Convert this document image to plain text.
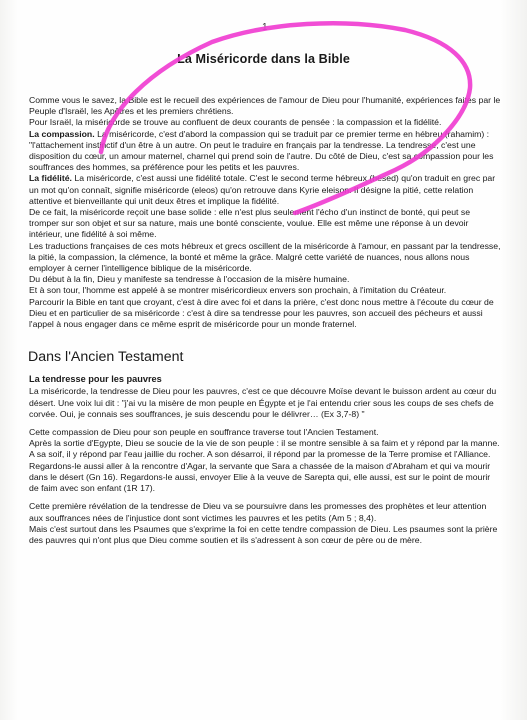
1
La Miséricorde dans la Bible

Comme vous le savez, la Bible est le recueil des expériences de l'amour de Dieu pour l'humanité, expériences faites par le Peuple d'Israël, les Apôtres et les premiers chrétiens.

Pour Israël, la miséricorde se trouve au confluent de deux courants de pensée : la compassion et la fidélité.

La compassion. La miséricorde, c'est d'abord la compassion qui se traduit par ce premier terme en hébreu (rahamim) : "l'attachement instinctif d'un être à un autre. On peut le traduire en français par la tendresse. La tendresse, c'est une disposition du cœur, un amour maternel, charnel qui prend soin de l'autre. Du côté de Dieu, c'est sa compassion pour les souffrances des hommes, sa préférence pour les petits et les pauvres.

La fidélité. La miséricorde, c'est aussi une fidélité totale. C'est le second terme hébreux (hesed) qu'on traduit en grec par un mot qu'on connaît, signifie miséricorde (eleos) qu'on retrouve dans Kyrie eleison. Il désigne la pitié, cette relation attentive et bienveillante qui unit deux êtres et implique la fidélité.

De ce fait, la miséricorde reçoit une base solide : elle n'est plus seulement l'écho d'un instinct de bonté, qui peut se tromper sur son objet et sur sa nature, mais une bonté consciente, voulue. Elle est même une réponse à un devoir intérieur, une fidélité à soi même.

Les traductions françaises de ces mots hébreux et grecs oscillent de la miséricorde à l'amour, en passant par la tendresse, la pitié, la compassion, la clémence, la bonté et même la grâce. Malgré cette variété de nuances, nous allons nous employer à cerner l'intelligence biblique de la miséricorde.

Du début à la fin, Dieu y manifeste sa tendresse à l'occasion de la misère humaine.

Et à son tour, l'homme est appelé à se montrer miséricordieux envers son prochain, à l'imitation du Créateur.

Parcourir la Bible en tant que croyant, c'est à dire avec foi et dans la prière, c'est donc nous mettre à l'écoute du cœur de Dieu et en particulier de sa miséricorde : c'est à dire sa tendresse pour les pauvres, son accueil des pécheurs et aussi l'appel à nous engager dans ce même esprit de miséricorde pour un monde fraternel.

Dans l'Ancien Testament
La tendresse pour les pauvres

La miséricorde, la tendresse de Dieu pour les pauvres, c'est ce que découvre Moïse devant le buisson ardent au cœur du désert. Une voix lui dit : "j'ai vu la misère de mon peuple en Égypte et je l'ai entendu crier sous les coups de ses chefs de corvée. Oui, je connais ses souffrances, je suis descendu pour le délivrer… (Ex 3,7-8) "

Cette compassion de Dieu pour son peuple en souffrance traverse tout l'Ancien Testament.

Après la sortie d'Egypte, Dieu se soucie de la vie de son peuple : il se montre sensible à sa faim et y répond par la manne. A sa soif, il y répond par l'eau jaillie du rocher. A son désarroi, il répond par la promesse de la Terre promise et l'Alliance. Regardons-le aussi aller à la rencontre d'Agar, la servante que Sara a chassée de la maison d'Abraham et qui va mourir dans le désert (Gn 16). Regardons-le aussi, envoyer Elie à la veuve de Sarepta qui, elle aussi, est sur le point de mourir de faim avec son enfant (1R 17).

Cette première révélation de la tendresse de Dieu va se poursuivre dans les promesses des prophètes et leur attention aux souffrances nées de l'injustice dont sont victimes les pauvres et les petits (Am 5 ; 8,4).

Mais c'est surtout dans les Psaumes que s'exprime la foi en cette tendre compassion de Dieu. Les psaumes sont la prière des pauvres qui n'ont plus que Dieu comme soutien et ils s'adressent à son cœur de père ou de mère.
